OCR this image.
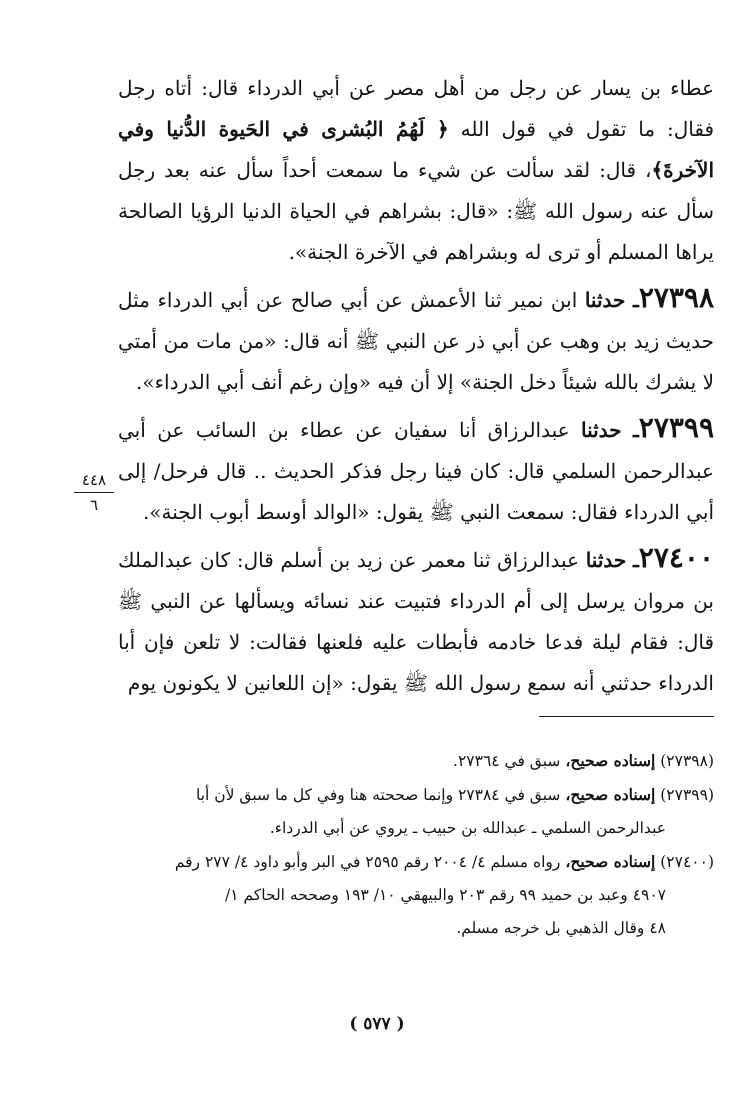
عطاء بن يسار عن رجل من أهل مصر عن أبي الدرداء قال: أتاه رجل فقال: ما تقول في قول الله ﴿ لَهُمُ البُشرى في الحَيوة الدُّنيا وفي الآخرةَ﴾، قال: لقد سألت عن شيء ما سمعت أحداً سأل عنه بعد رجل سأل عنه رسول الله ﷺ: «قال: بشراهم في الحياة الدنيا الرؤيا الصالحة يراها المسلم أو ترى له وبشراهم في الآخرة الجنة».

٢٧٣٩٨ـ حدثنا ابن نمير ثنا الأعمش عن أبي صالح عن أبي الدرداء مثل حديث زيد بن وهب عن أبي ذر عن النبي ﷺ أنه قال: «من مات من أمتي لا يشرك بالله شيئاً دخل الجنة» إلا أن فيه «وإن رغم أنف أبي الدرداء».

٢٧٣٩٩ـ حدثنا عبدالرزاق أنا سفيان عن عطاء بن السائب عن أبي عبدالرحمن السلمي قال: كان فينا رجل فذكر الحديث .. قال فرحل/ إلى أبي الدرداء فقال: سمعت النبي ﷺ يقول: «الوالد أوسط أبوب الجنة».

٢٧٤٠٠ـ حدثنا عبدالرزاق ثنا معمر عن زيد بن أسلم قال: كان عبدالملك بن مروان يرسل إلى أم الدرداء فتبيت عند نسائه ويسألها عن النبي ﷺ قال: فقام ليلة فدعا خادمه فأبطات عليه فلعنها فقالت: لا تلعن فإن أبا الدرداء حدثني أنه سمع رسول الله ﷺ يقول: «إن اللعانين لا يكونون يوم

٤٤٨
٦

(٢٧٣٩٨) إسناده صحيح، سبق في ٢٧٣٦٤.

(٢٧٣٩٩) إسناده صحيح، سبق في ٢٧٣٨٤ وإنما صححته هنا وفي كل ما سبق لأن أبا

عبدالرحمن السلمي ـ عبدالله بن حبيب ـ يروي عن أبي الدرداء.

(٢٧٤٠٠) إسناده صحيح، رواه مسلم ٤/ ٢٠٠٤ رقم ٢٥٩٥ في البر وأبو داود ٤/ ٢٧٧ رقم

٤٩٠٧ وعبد بن حميد ٩٩ رقم ٢٠٣ والبيهقي ١٠/ ١٩٣ وصححه الحاكم ١/

٤٨ وقال الذهبي بل خرجه مسلم.

( ٥٧٧ )
